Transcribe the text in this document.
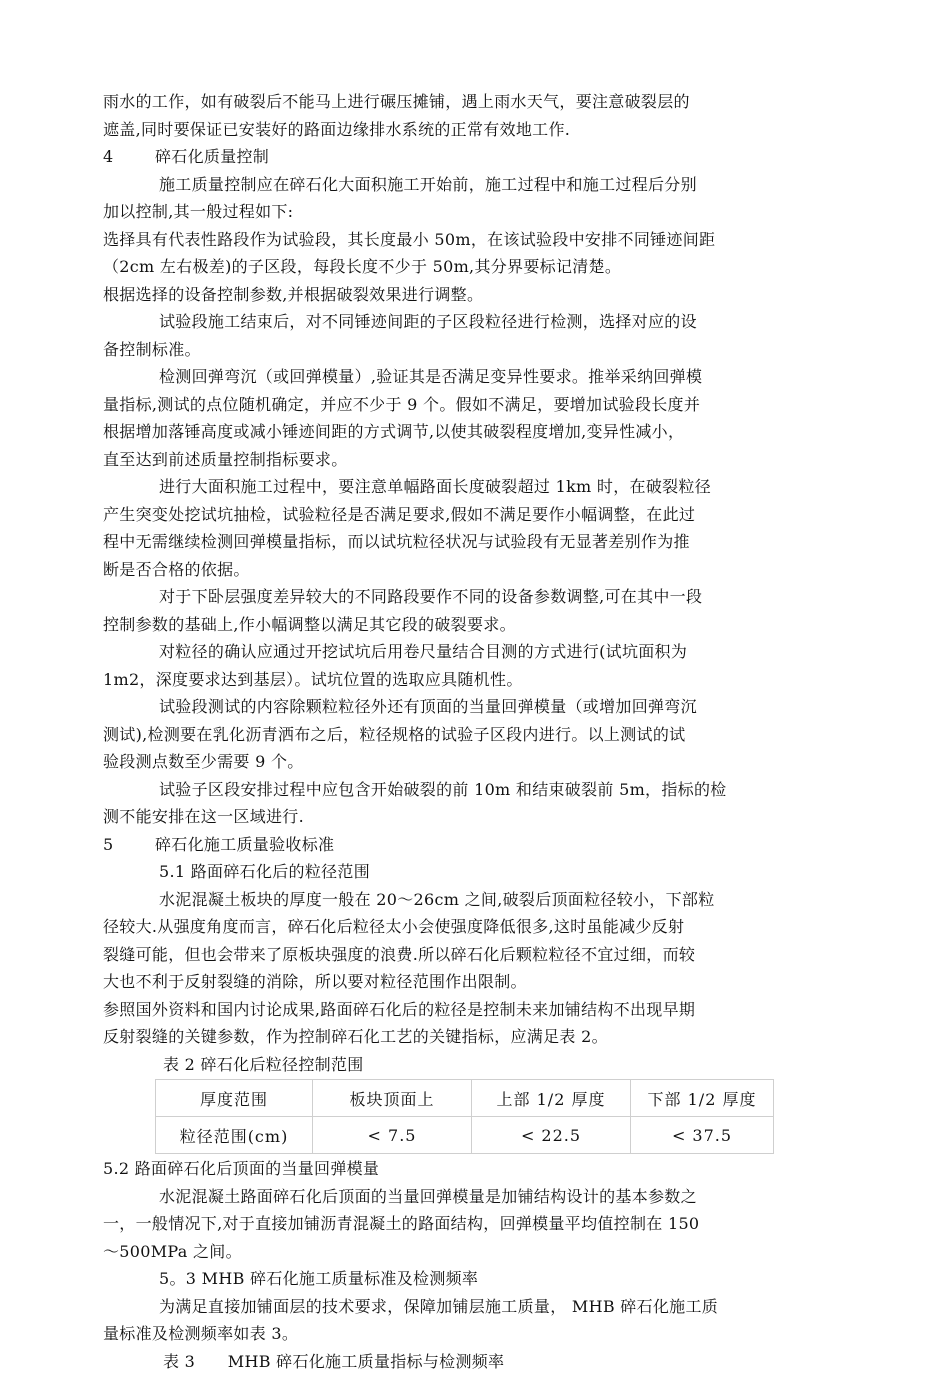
雨水的工作，如有破裂后不能马上进行碾压摊铺，遇上雨水天气，要注意破裂层的
遮盖,同时要保证已安装好的路面边缘排水系统的正常有效地工作.
4	碎石化质量控制
施工质量控制应在碎石化大面积施工开始前，施工过程中和施工过程后分别
加以控制,其一般过程如下:
选择具有代表性路段作为试验段，其长度最小 50m，在该试验段中安排不同锤迹间距
（2cm 左右极差)的子区段，每段长度不少于 50m,其分界要标记清楚。
根据选择的设备控制参数,并根据破裂效果进行调整。
试验段施工结束后，对不同锤迹间距的子区段粒径进行检测，选择对应的设
备控制标准。
检测回弹弯沉（或回弹模量）,验证其是否满足变异性要求。推举采纳回弹模
量指标,测试的点位随机确定，并应不少于 9 个。假如不满足，要增加试验段长度并
根据增加落锤高度或减小锤迹间距的方式调节,以使其破裂程度增加,变异性减小，
直至达到前述质量控制指标要求。
进行大面积施工过程中，要注意单幅路面长度破裂超过 1km 时，在破裂粒径
产生突变处挖试坑抽检，试验粒径是否满足要求,假如不满足要作小幅调整，在此过
程中无需继续检测回弹模量指标，而以试坑粒径状况与试验段有无显著差别作为推
断是否合格的依据。
对于下卧层强度差异较大的不同路段要作不同的设备参数调整,可在其中一段
控制参数的基础上,作小幅调整以满足其它段的破裂要求。
对粒径的确认应通过开挖试坑后用卷尺量结合目测的方式进行(试坑面积为
1m2，深度要求达到基层）。试坑位置的选取应具随机性。
试验段测试的内容除颗粒粒径外还有顶面的当量回弹模量（或增加回弹弯沉
测试),检测要在乳化沥青洒布之后，粒径规格的试验子区段内进行。以上测试的试
验段测点数至少需要 9 个。
试验子区段安排过程中应包含开始破裂的前 10m 和结束破裂前 5m，指标的检
测不能安排在这一区域进行.
5	碎石化施工质量验收标准
5.1 路面碎石化后的粒径范围
水泥混凝土板块的厚度一般在 20～26cm 之间,破裂后顶面粒径较小，下部粒
径较大.从强度角度而言，碎石化后粒径太小会使强度降低很多,这时虽能减少反射
裂缝可能，但也会带来了原板块强度的浪费.所以碎石化后颗粒粒径不宜过细，而较
大也不利于反射裂缝的消除，所以要对粒径范围作出限制。
参照国外资料和国内讨论成果,路面碎石化后的粒径是控制未来加铺结构不出现早期
反射裂缝的关键参数，作为控制碎石化工艺的关键指标，应满足表 2。
表 2 碎石化后粒径控制范围
厚度范围	板块顶面上	上部 1/2 厚度	下部 1/2 厚度
粒径范围(cm)	< 7.5	< 22.5	< 37.5
5.2 路面碎石化后顶面的当量回弹模量
水泥混凝土路面碎石化后顶面的当量回弹模量是加铺结构设计的基本参数之
一，一般情况下,对于直接加铺沥青混凝土的路面结构，回弹模量平均值控制在 150
～500MPa 之间。
5。3 MHB 碎石化施工质量标准及检测频率
为满足直接加铺面层的技术要求，保障加铺层施工质量， MHB 碎石化施工质
量标准及检测频率如表 3。
表 3　　MHB 碎石化施工质量指标与检测频率
